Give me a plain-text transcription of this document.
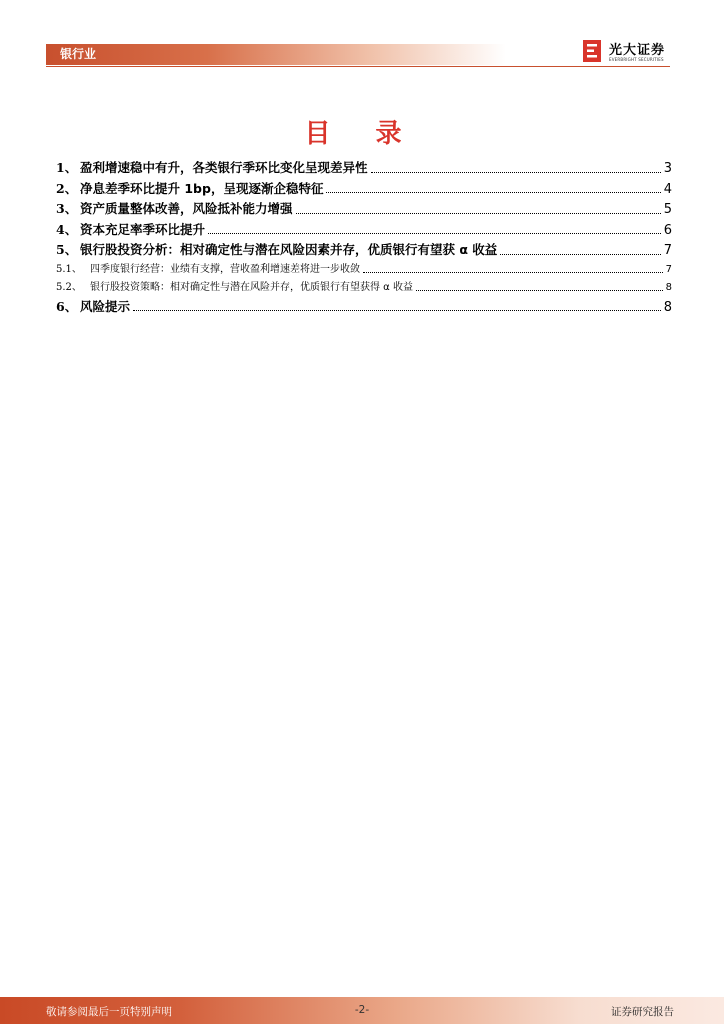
银行业	光大证券
EVERBRIGHT SECURITIES
目 录
1、 盈利增速稳中有升，各类银行季环比变化呈现差异性	3
2、 净息差季环比提升 1bp，呈现逐渐企稳特征	4
3、 资产质量整体改善，风险抵补能力增强	5
4、 资本充足率季环比提升	6
5、 银行股投资分析：相对确定性与潜在风险因素并存，优质银行有望获 α 收益	7
5.1、 四季度银行经营：业绩有支撑，营收盈利增速差将进一步收敛	7
5.2、 银行股投资策略：相对确定性与潜在风险并存，优质银行有望获得 α 收益	8
6、 风险提示	8
敬请参阅最后一页特别声明	-2-	证券研究报告
